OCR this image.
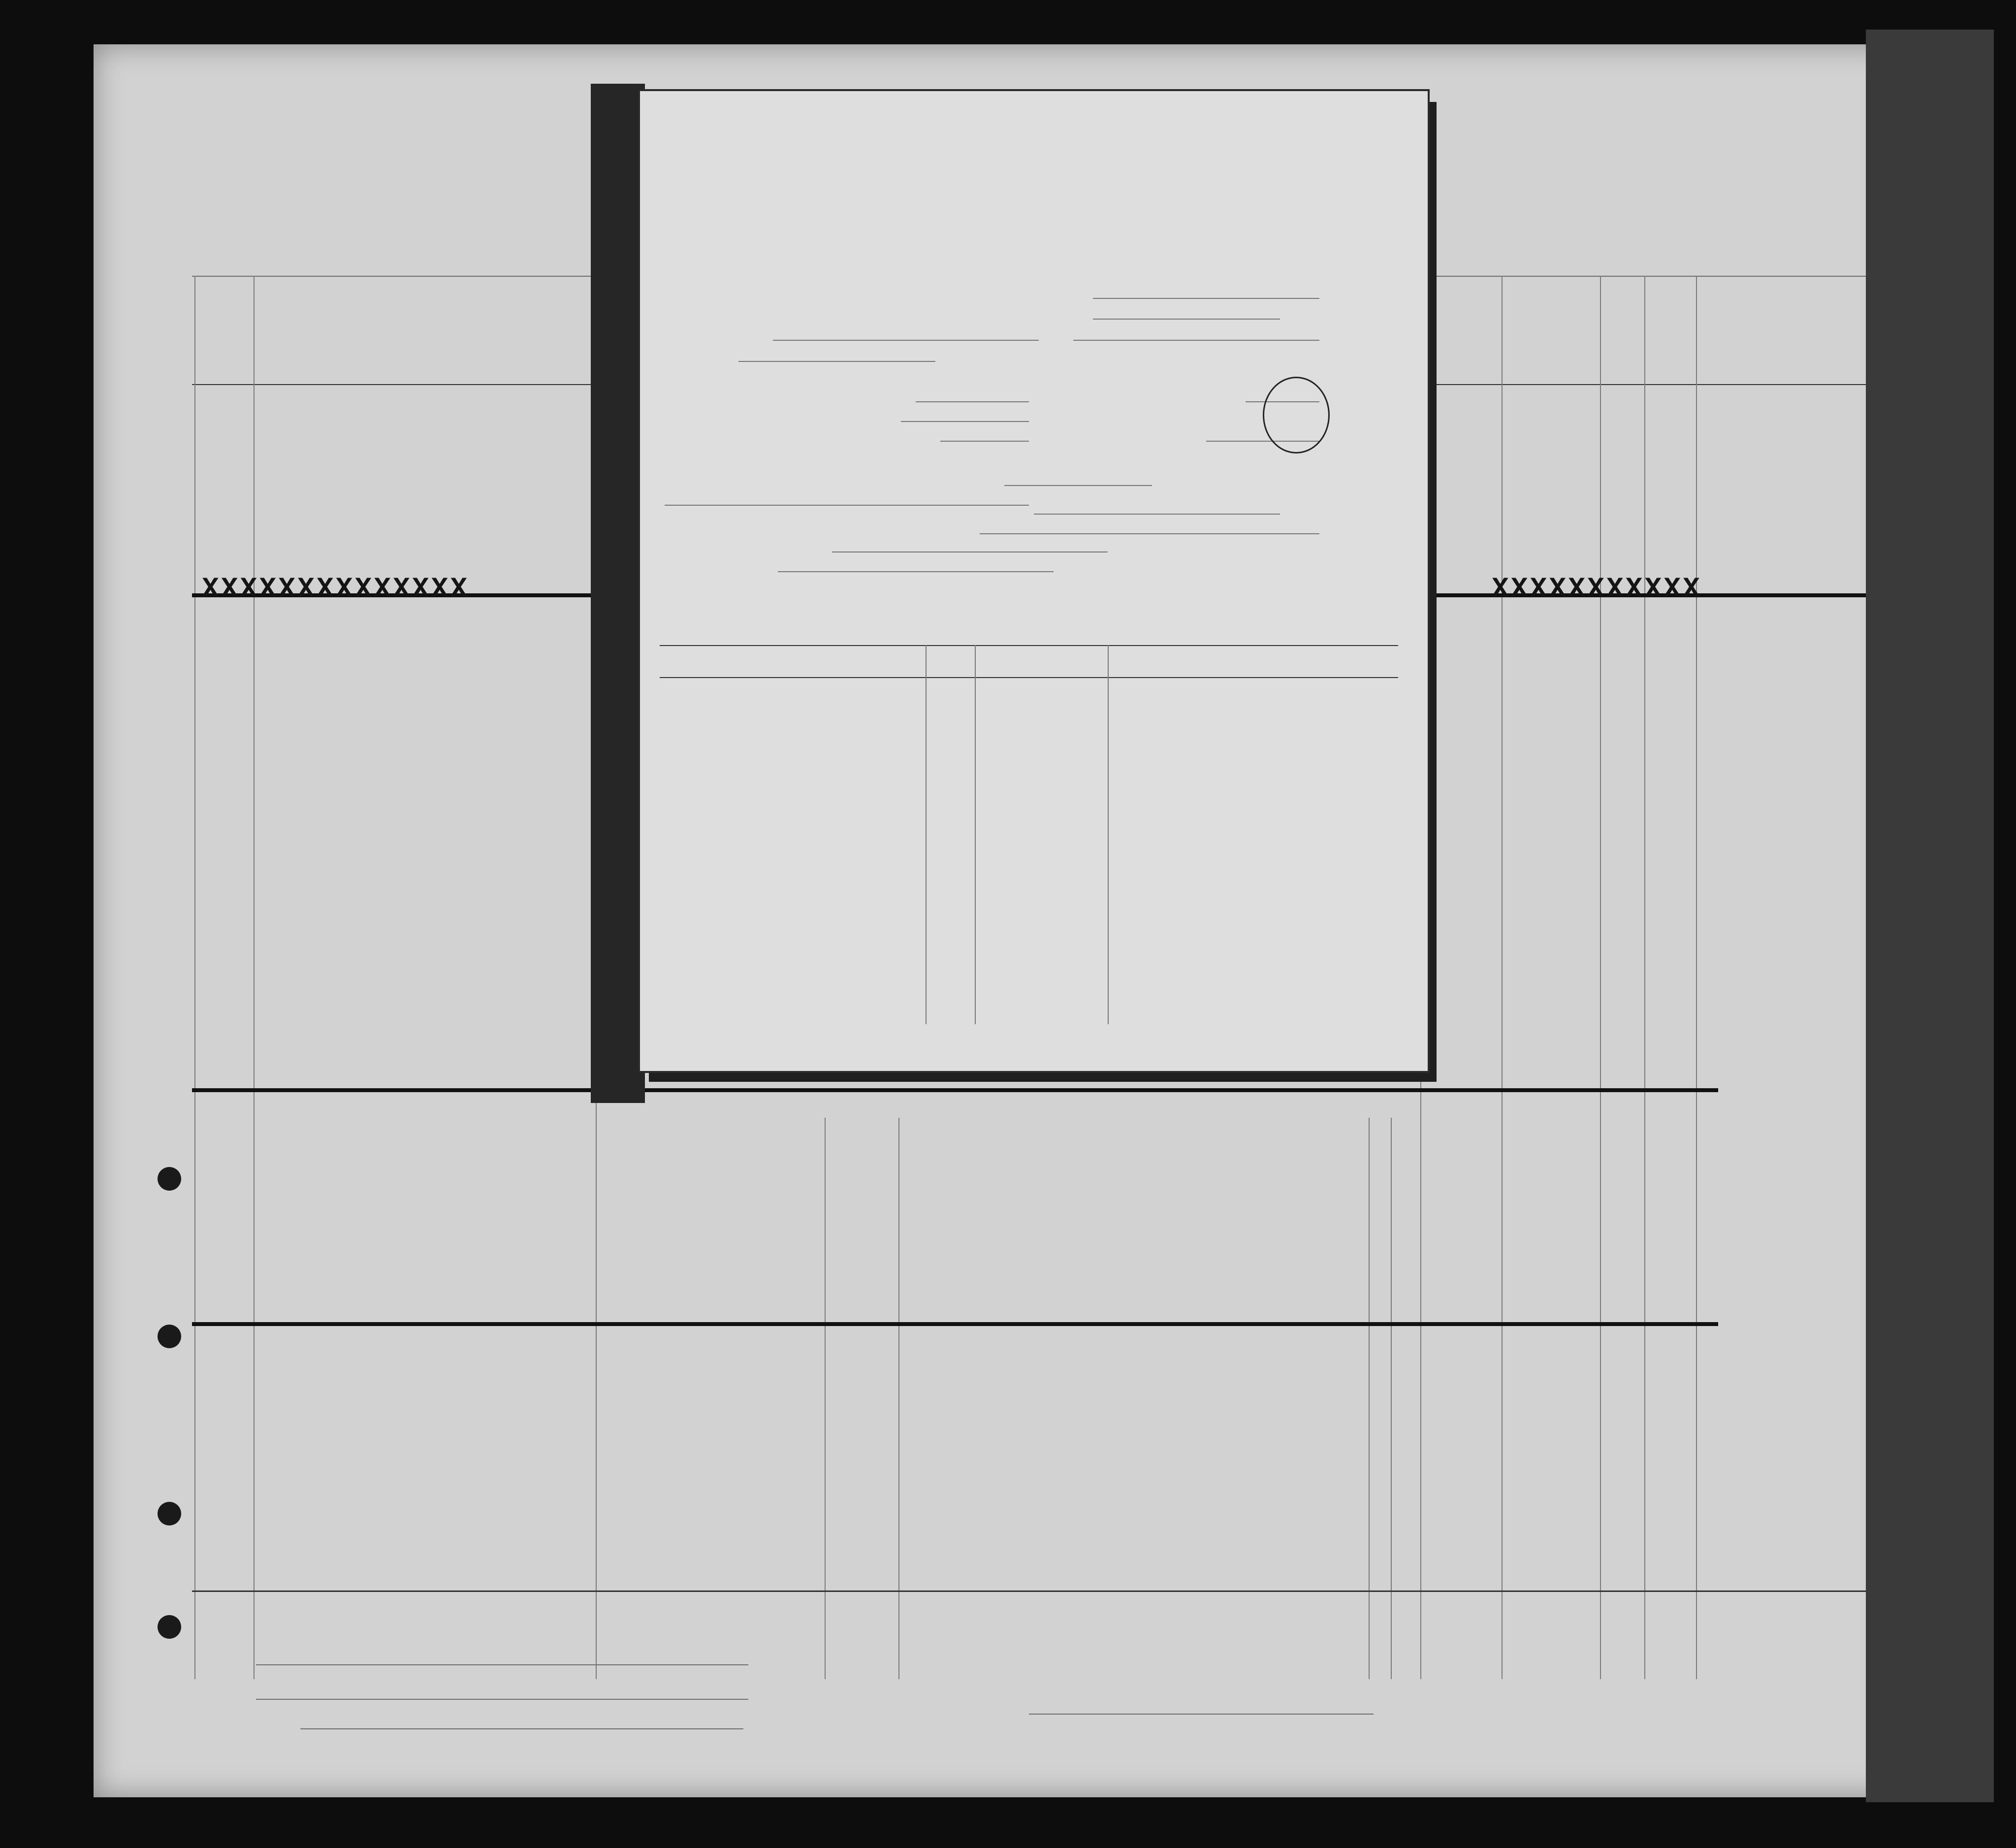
XXXXXXXXXXXXXX	XXXXXXXXXXX
